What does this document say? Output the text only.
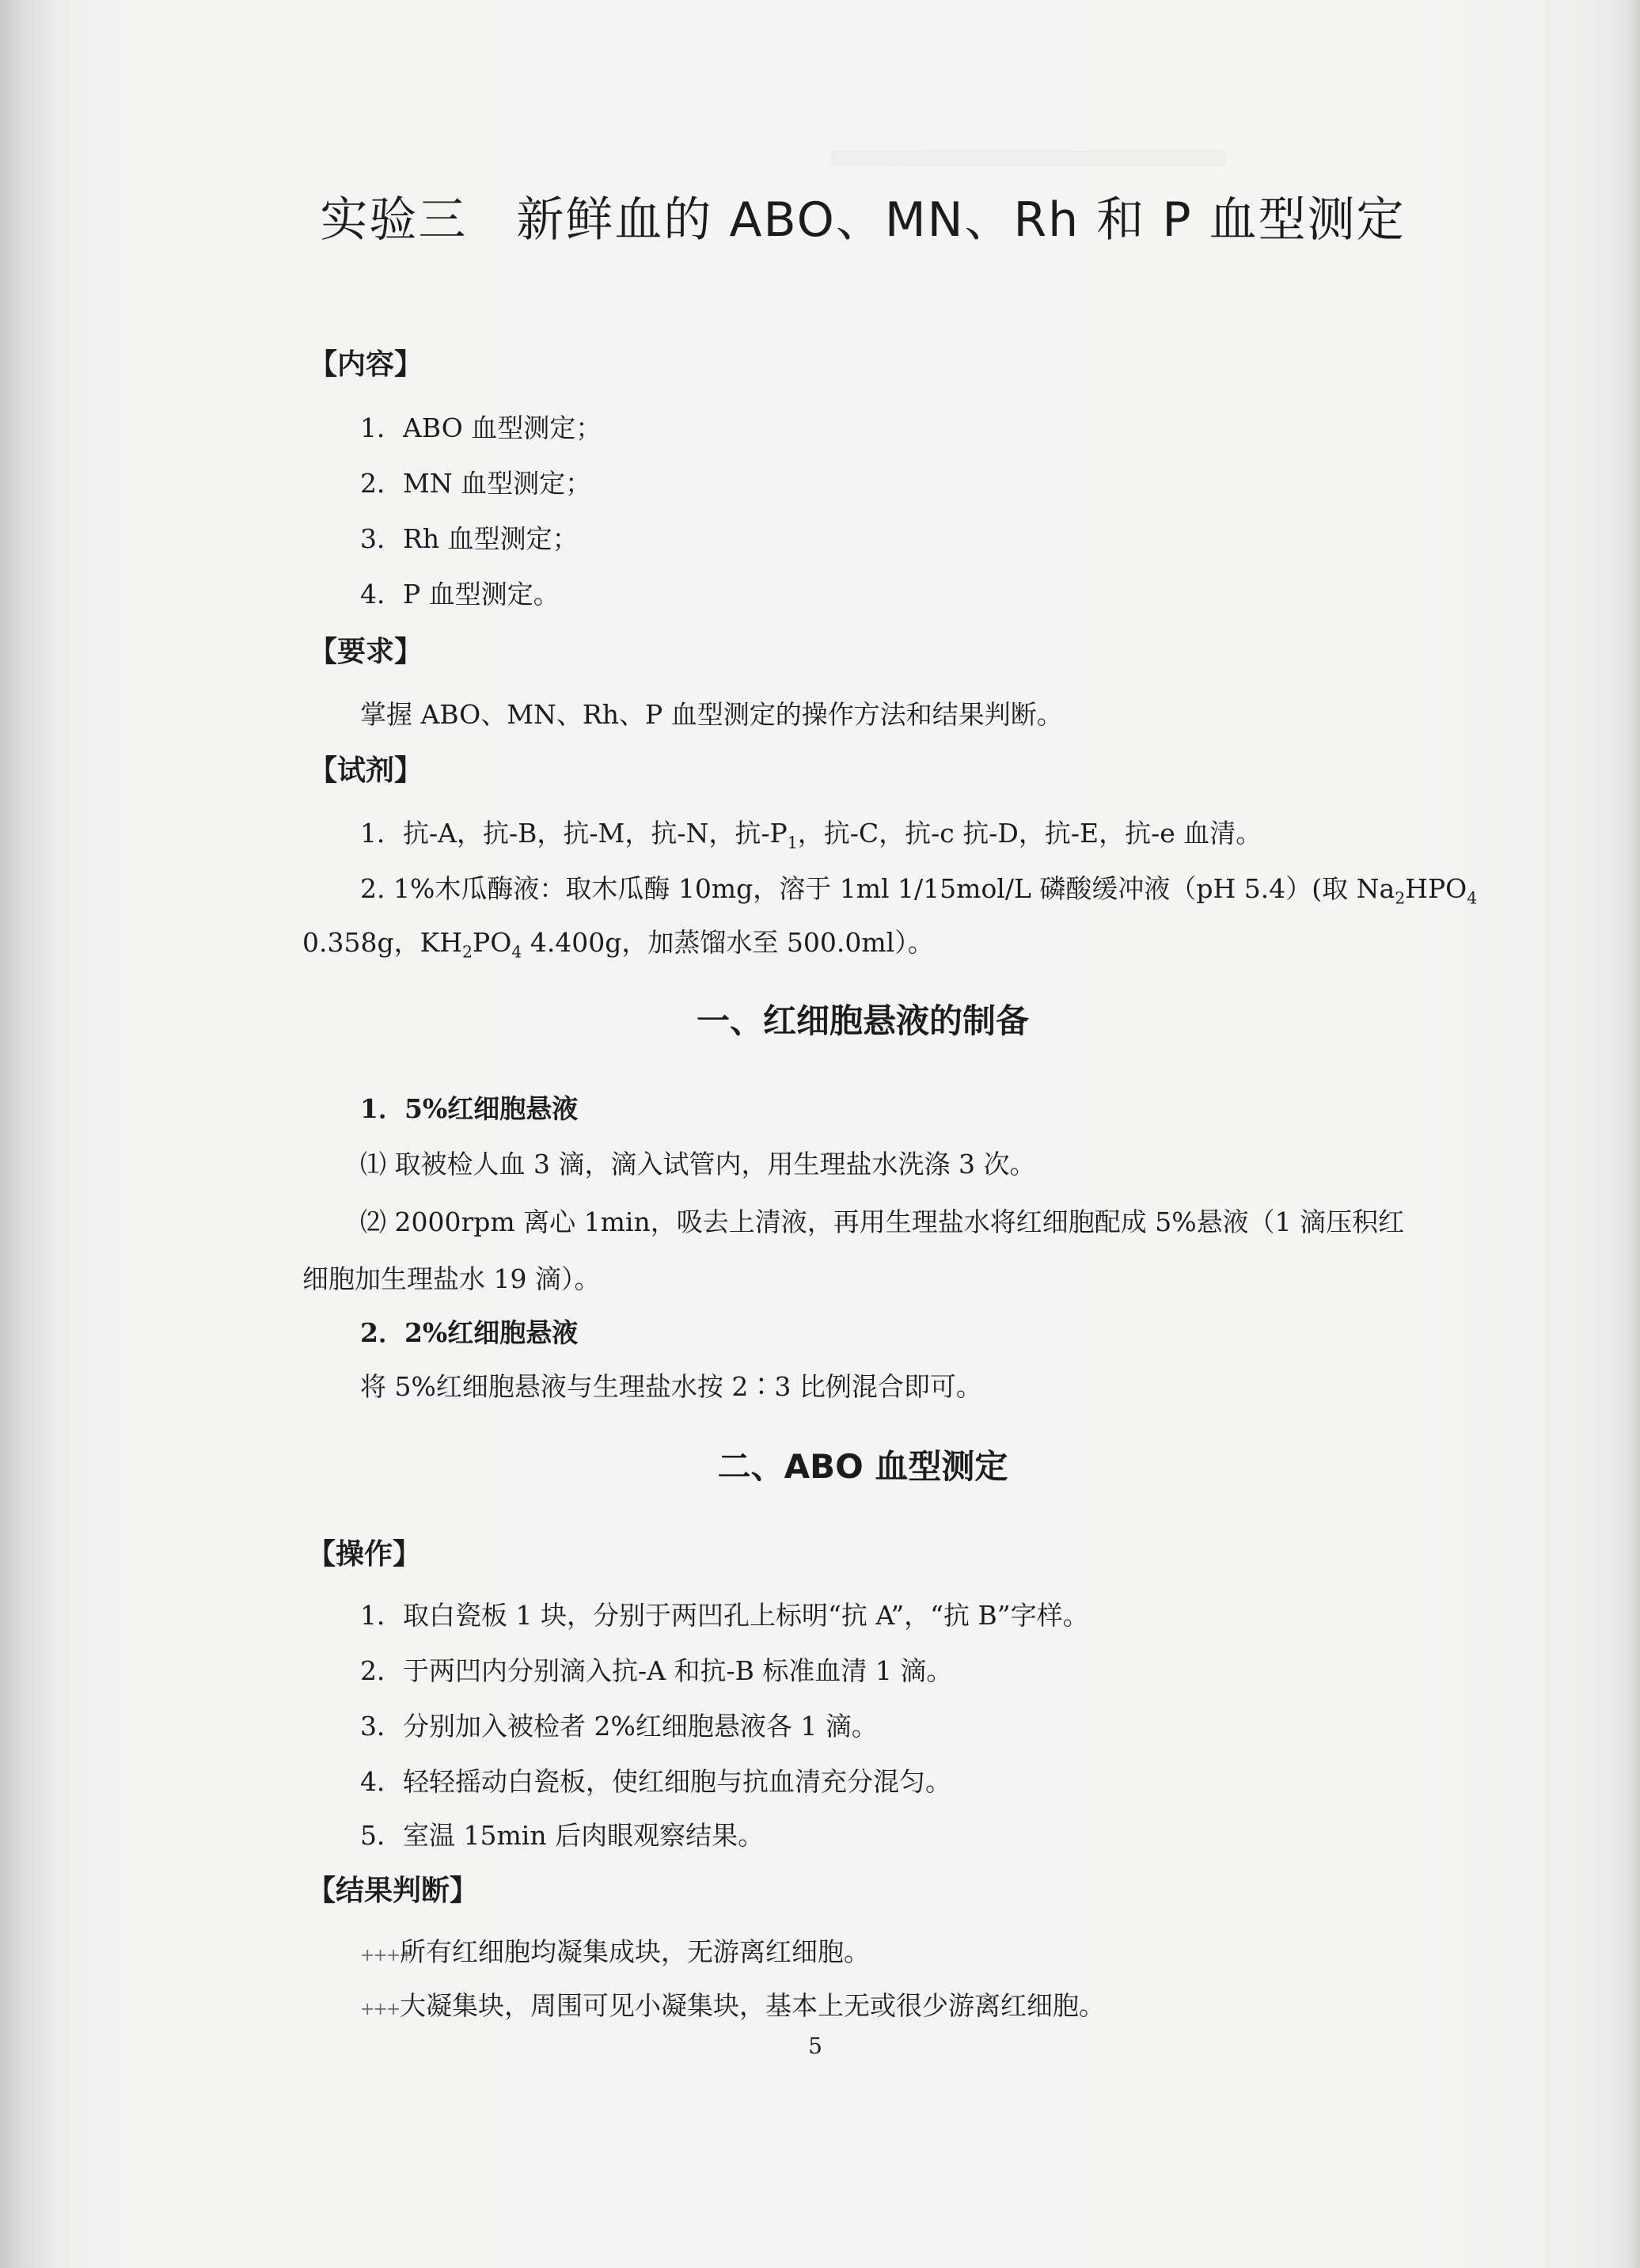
实验三　新鲜血的 ABO、MN、Rh 和 P 血型测定
【内容】
1．ABO 血型测定；
2．MN 血型测定；
3．Rh 血型测定；
4．P 血型测定。
【要求】
掌握 ABO、MN、Rh、P 血型测定的操作方法和结果判断。
【试剂】
1．抗-A，抗-B，抗-M，抗-N，抗$-P_1$，抗-C，抗-c 抗-D，抗-E，抗-e 血清。
2. 1%木瓜酶液：取木瓜酶 10mg，溶于 1ml 1/15mol/L 磷酸缓冲液（pH 5.4）(取 $Na_2HPO_4$
0.358g，$KH_2PO_4$ 4.400g，加蒸馏水至 500.0ml）。
一、红细胞悬液的制备
1．5%红细胞悬液
⑴ 取被检人血 3 滴，滴入试管内，用生理盐水洗涤 3 次。
⑵ 2000rpm 离心 1min，吸去上清液，再用生理盐水将红细胞配成 5%悬液（1 滴压积红
细胞加生理盐水 19 滴）。
2．2%红细胞悬液
将 5%红细胞悬液与生理盐水按 2∶3 比例混合即可。
二、ABO 血型测定
【操作】
1．取白瓷板 1 块，分别于两凹孔上标明“抗 A”，“抗 B”字样。
2．于两凹内分别滴入抗-A 和抗-B 标准血清 1 滴。
3．分别加入被检者 2%红细胞悬液各 1 滴。
4．轻轻摇动白瓷板，使红细胞与抗血清充分混匀。
5．室温 15min 后肉眼观察结果。
【结果判断】
++++所有红细胞均凝集成块，无游离红细胞。
+++大凝集块，周围可见小凝集块，基本上无或很少游离红细胞。
5
